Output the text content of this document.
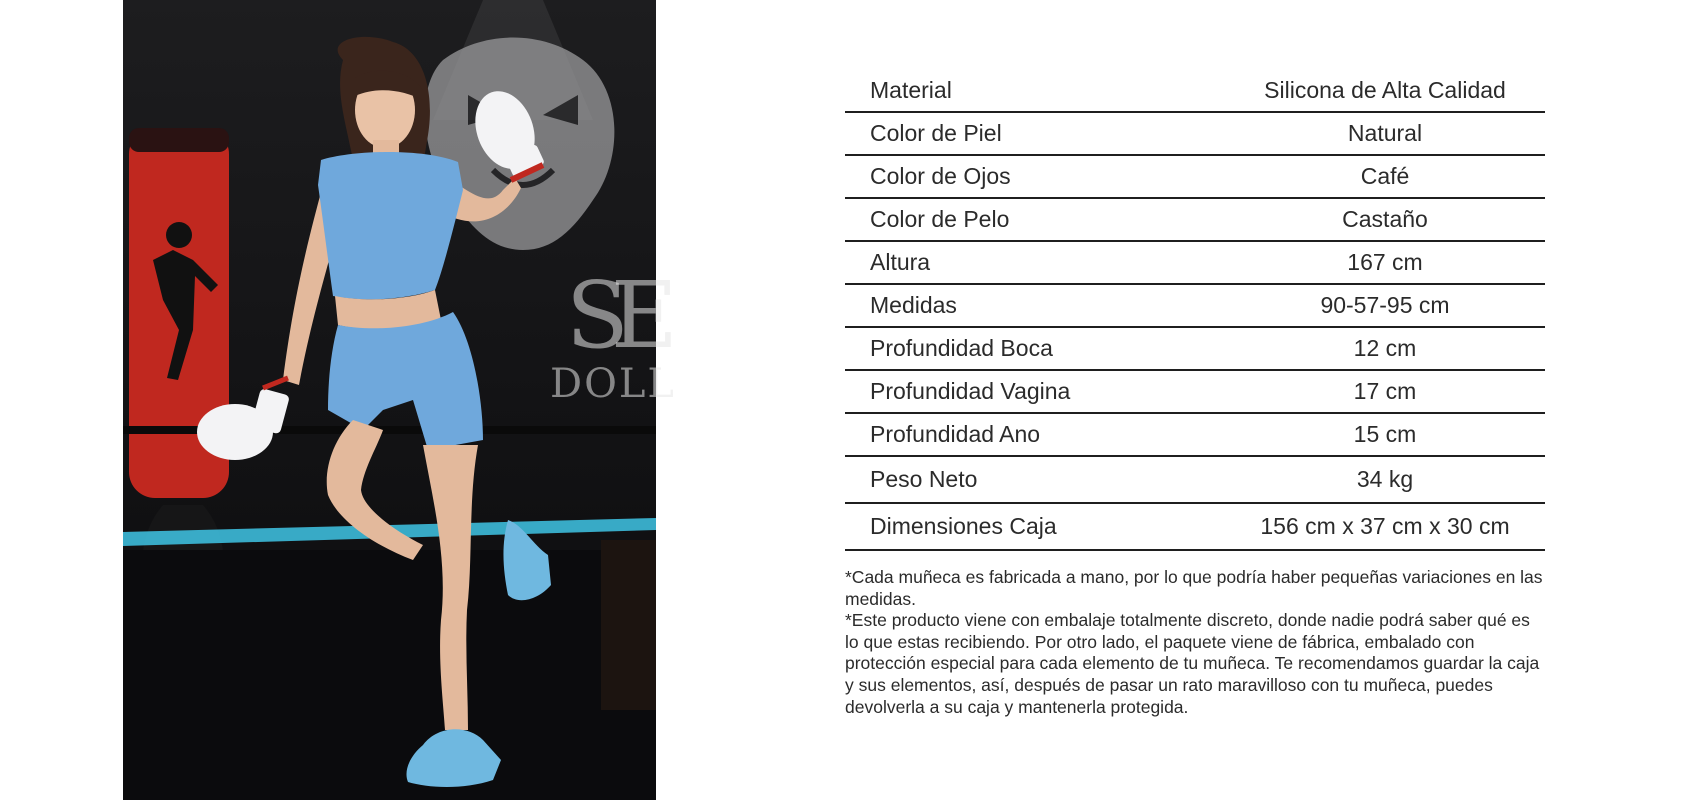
SE
DOLL
Material	Silicona de Alta Calidad
Color de Piel	Natural
Color de Ojos	Café
Color de Pelo	Castaño
Altura	167 cm
Medidas	90-57-95 cm
Profundidad Boca	12 cm
Profundidad Vagina	17 cm
Profundidad Ano	15 cm
Peso Neto	34 kg
Dimensiones Caja	156 cm x 37 cm x 30 cm

*Cada muñeca es fabricada a mano, por lo que podría haber pequeñas variaciones en las medidas.

*Este producto viene con embalaje totalmente discreto, donde nadie podrá saber qué es lo que estas recibiendo. Por otro lado, el paquete viene de fábrica, embalado con protección especial para cada elemento de tu muñeca. Te recomendamos guardar la caja y sus elementos, así, después de pasar un rato maravilloso con tu muñeca, puedes devolverla a su caja y mantenerla protegida.
